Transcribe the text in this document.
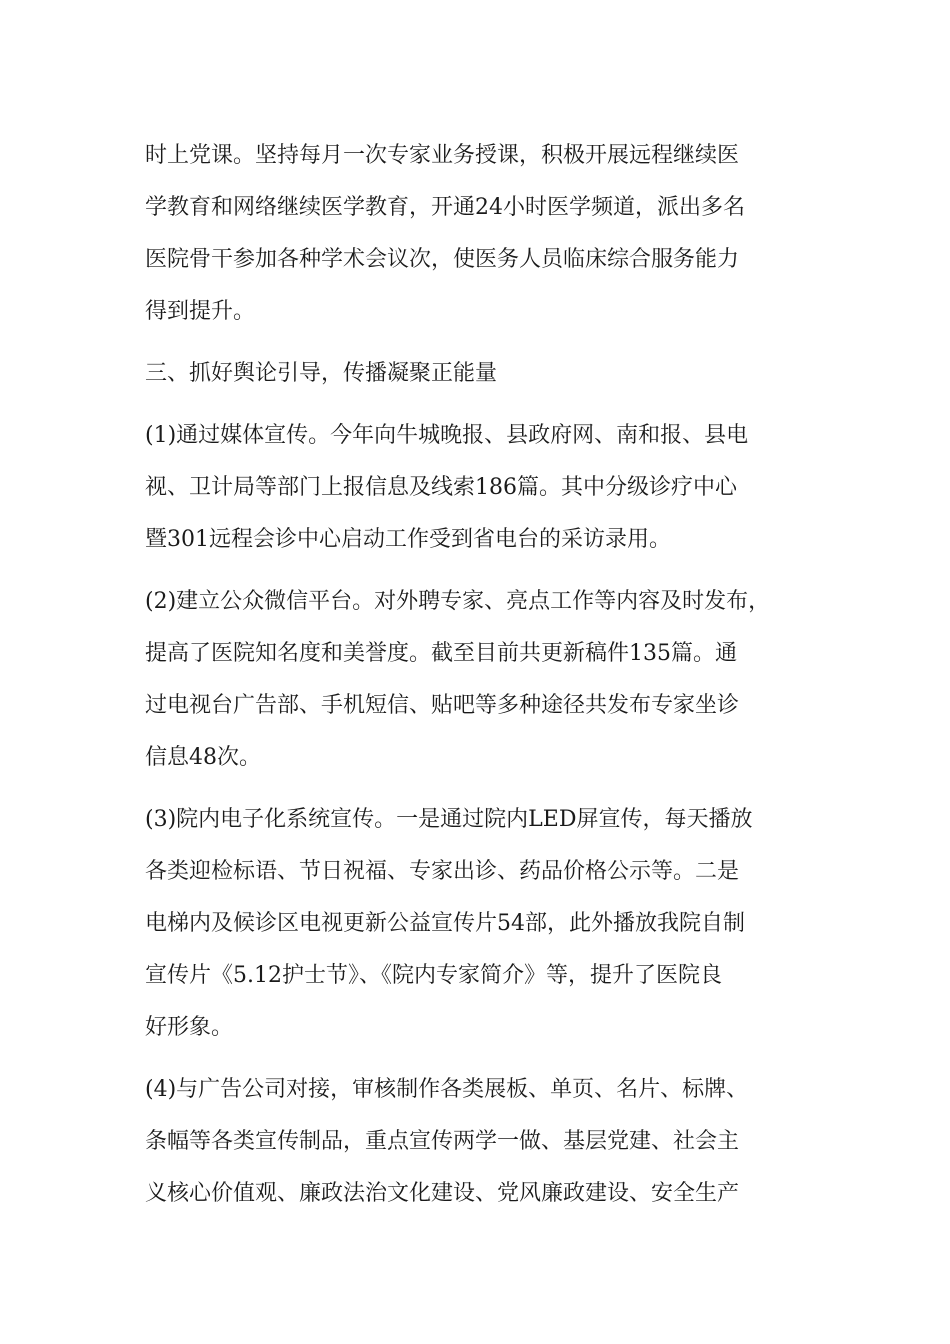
时上党课。坚持每月一次专家业务授课，积极开展远程继续医
学教育和网络继续医学教育，开通24小时医学频道，派出多名
医院骨干参加各种学术会议次，使医务人员临床综合服务能力
得到提升。

三、抓好舆论引导，传播凝聚正能量

(1)通过媒体宣传。今年向牛城晚报、县政府网、南和报、县电
视、卫计局等部门上报信息及线索186篇。其中分级诊疗中心
暨301远程会诊中心启动工作受到省电台的采访录用。

(2)建立公众微信平台。对外聘专家、亮点工作等内容及时发布，
提高了医院知名度和美誉度。截至目前共更新稿件135篇。通
过电视台广告部、手机短信、贴吧等多种途径共发布专家坐诊
信息48次。

(3)院内电子化系统宣传。一是通过院内LED屏宣传，每天播放
各类迎检标语、节日祝福、专家出诊、药品价格公示等。二是
电梯内及候诊区电视更新公益宣传片54部，此外播放我院自制
宣传片《5.12护士节》、《院内专家简介》等，提升了医院良
好形象。

(4)与广告公司对接，审核制作各类展板、单页、名片、标牌、
条幅等各类宣传制品，重点宣传两学一做、基层党建、社会主
义核心价值观、廉政法治文化建设、党风廉政建设、安全生产
